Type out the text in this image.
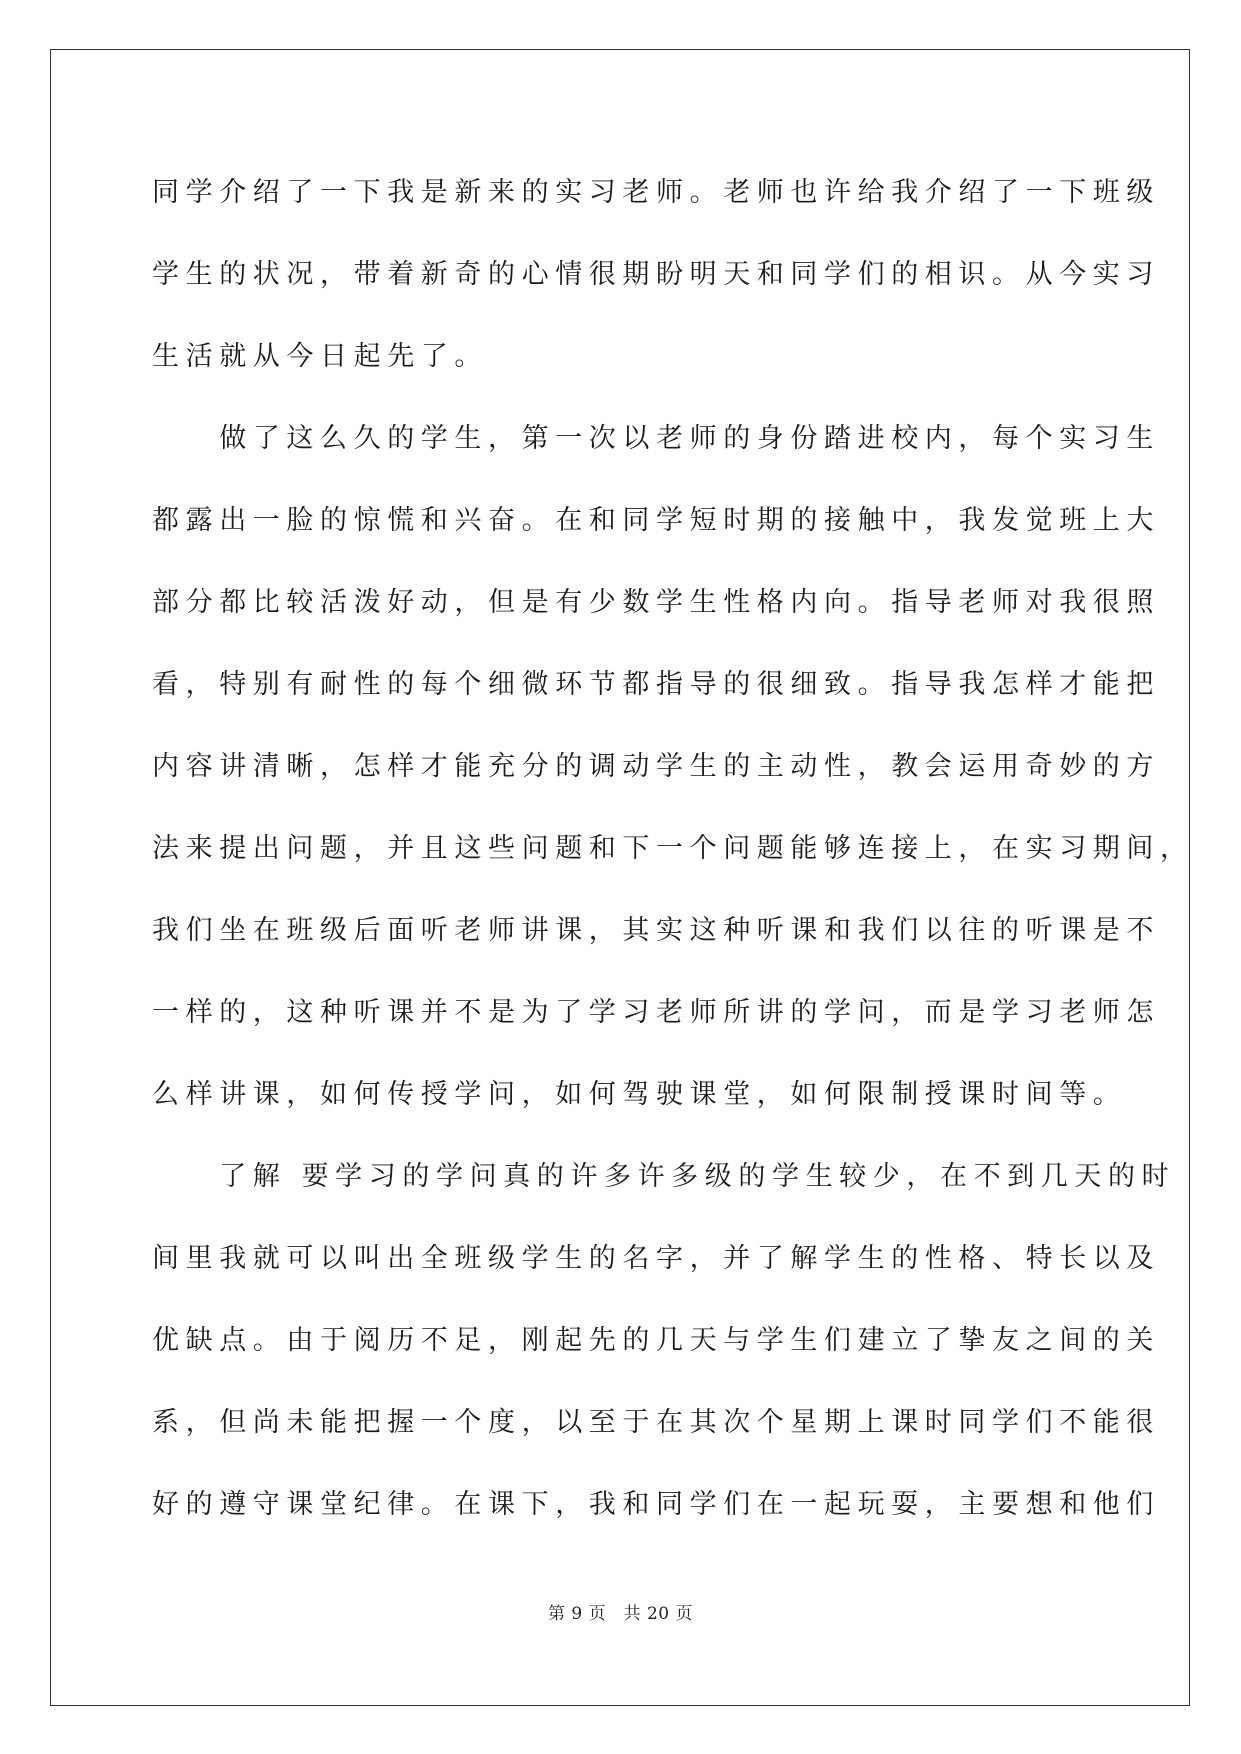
同学介绍了一下我是新来的实习老师。老师也许给我介绍了一下班级
学生的状况，带着新奇的心情很期盼明天和同学们的相识。从今实习
生活就从今日起先了。
　　做了这么久的学生，第一次以老师的身份踏进校内，每个实习生
都露出一脸的惊慌和兴奋。在和同学短时期的接触中，我发觉班上大
部分都比较活泼好动，但是有少数学生性格内向。指导老师对我很照
看，特别有耐性的每个细微环节都指导的很细致。指导我怎样才能把
内容讲清晰，怎样才能充分的调动学生的主动性，教会运用奇妙的方
法来提出问题，并且这些问题和下一个问题能够连接上，在实习期间，
我们坐在班级后面听老师讲课，其实这种听课和我们以往的听课是不
一样的，这种听课并不是为了学习老师所讲的学问，而是学习老师怎
么样讲课，如何传授学问，如何驾驶课堂，如何限制授课时间等。
　　了解 要学习的学问真的许多许多级的学生较少，在不到几天的时
间里我就可以叫出全班级学生的名字，并了解学生的性格、特长以及
优缺点。由于阅历不足，刚起先的几天与学生们建立了挚友之间的关
系，但尚未能把握一个度，以至于在其次个星期上课时同学们不能很
好的遵守课堂纪律。在课下，我和同学们在一起玩耍，主要想和他们
第 9 页　共 20 页
